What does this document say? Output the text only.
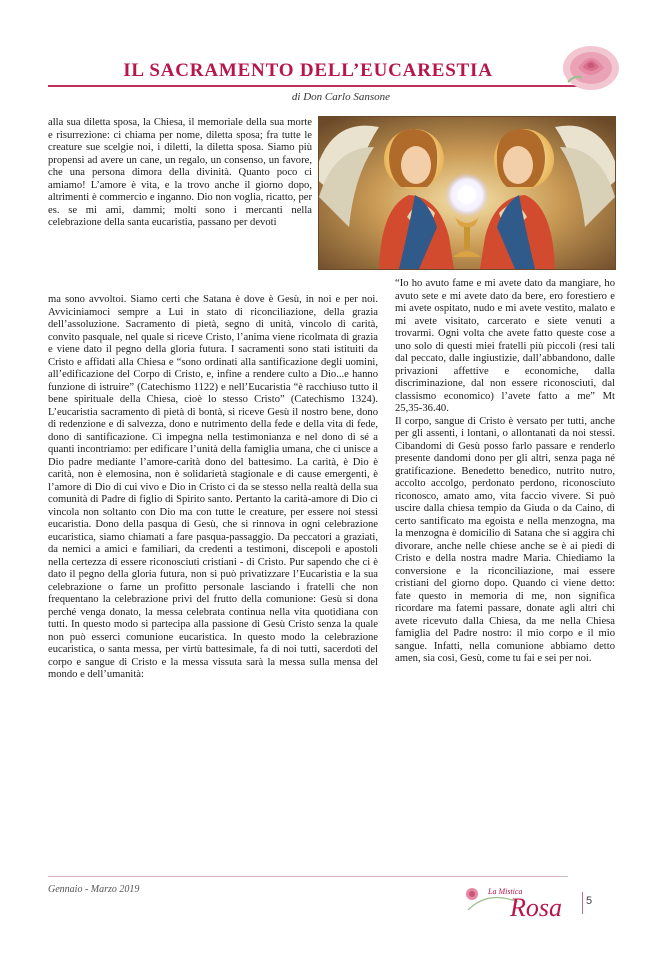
IL SACRAMENTO DELL’EUCARESTIA
di Don Carlo Sansone

alla sua diletta sposa, la Chiesa, il memoriale della sua morte e risurrezione: ci chiama per nome, diletta sposa; fra tutte le creature sue scelgie noi, i diletti, la diletta sposa. Siamo più propensi ad avere un cane, un regalo, un consenso, un favore, che una persona dimora della divinità. Quanto poco ci amiamo! L’amore è vita, e la trovo anche il giorno dopo, altrimenti è commercio e inganno. Dio non voglia, ricatto, per es. se mi ami, dammi; molti sono i mercanti nella celebrazione della santa eucaristia, passano per devoti

ma sono avvoltoi. Siamo certi che Satana è dove è Gesù, in noi e per noi. Avviciniamoci sempre a Lui in stato di riconciliazione, della grazia dell’assoluzione. Sacramento di pietà, segno di unità, vincolo di carità, convito pasquale, nel quale si riceve Cristo, l’anima viene ricolmata di grazia e viene dato il pegno della gloria futura. I sacramenti sono stati istituiti da Cristo e affidati alla Chiesa e “sono ordinati alla santificazione degli uomini, all’edificazione del Corpo di Cristo, e, infine a rendere culto a Dio...e hanno funzione di istruire” (Catechismo 1122) e nell’Eucaristia “è racchiuso tutto il bene spirituale della Chiesa, cioè lo stesso Cristo” (Catechismo 1324). L’eucaristia sacramento di pietà di bontà, si riceve Gesù il nostro bene, dono di redenzione e di salvezza, dono e nutrimento della fede e della vita di fede, dono di santificazione. Ci impegna nella testimonianza e nel dono di sé a quanti incontriamo: per edificare l’unità della famiglia umana, che ci unisce a Dio padre mediante l’amore-carità dono del battesimo. La carità, è Dio è carità, non è elemosina, non è solidarietà stagionale e di cause emergenti, è l’amore di Dio di cui vivo e Dio in Cristo ci da se stesso nella realtà della sua comunità di Padre di figlio di Spirito santo. Pertanto la carità-amore di Dio ci vincola non soltanto con Dio ma con tutte le creature, per essere noi stessi eucaristia. Dono della pasqua di Gesù, che si rinnova in ogni celebrazione eucaristica, siamo chiamati a fare pasqua-passaggio. Da peccatori a graziati, da nemici a amici e familiari, da credenti a testimoni, discepoli e apostoli nella certezza di essere riconosciuti cristiani - di Cristo. Pur sapendo che ci è dato il pegno della gloria futura, non si può privatizzare l’Eucaristia e la sua celebrazione o farne un profitto personale lasciando i fratelli che non frequentano la celebrazione privi del frutto della comunione: Gesù si dona perché venga donato, la messa celebrata continua nella vita quotidiana con tutti. In questo modo si partecipa alla passione di Gesù Cristo senza la quale non può esserci comunione eucaristica. In questo modo la celebrazione eucaristica, o santa messa, per virtù battesimale, fa di noi tutti, sacerdoti del corpo e sangue di Cristo e la messa vissuta sarà la messa sulla mensa del mondo e dell’umanità:

“Io ho avuto fame e mi avete dato da mangiare, ho avuto sete e mi avete dato da bere, ero forestiero e mi avete ospitato, nudo e mi avete vestito, malato e mi avete visitato, carcerato e siete venuti a trovarmi. Ogni volta che avete fatto queste cose a uno solo di questi miei fratelli più piccoli (resi tali dal peccato, dalle ingiustizie, dall’abbandono, dalle privazioni affettive e economiche, dalla discriminazione, dal non essere riconosciuti, dal classismo economico) l’avete fatto a me” Mt 25,35-36.40.

Il corpo, sangue di Cristo è versato per tutti, anche per gli assenti, i lontani, o allontanati da noi stessi. Cibandomi di Gesù posso farlo passare e renderlo presente dandomi dono per gli altri, senza paga né gratificazione. Benedetto benedico, nutrito nutro, accolto accolgo, perdonato perdono, riconosciuto riconosco, amato amo, vita faccio vivere. Si può uscire dalla chiesa tempio da Giuda o da Caino, di certo santificato ma egoista e nella menzogna, ma la menzogna è domicilio di Satana che si aggira chi divorare, anche nelle chiese anche se è ai piedi di Cristo e della nostra madre Maria. Chiediamo la conversione e la riconciliazione, mai essere cristiani del giorno dopo. Quando ci viene detto: fate questo in memoria di me, non significa ricordare ma fatemi passare, donate agli altri chi avete ricevuto dalla Chiesa, da me nella Chiesa famiglia del Padre nostro: il mio corpo e il mio sangue. Infatti, nella comunione abbiamo detto amen, sia così, Gesù, come tu fai e sei per noi.

Gennaio - Marzo 2019	La Mistica
Rosa 5
